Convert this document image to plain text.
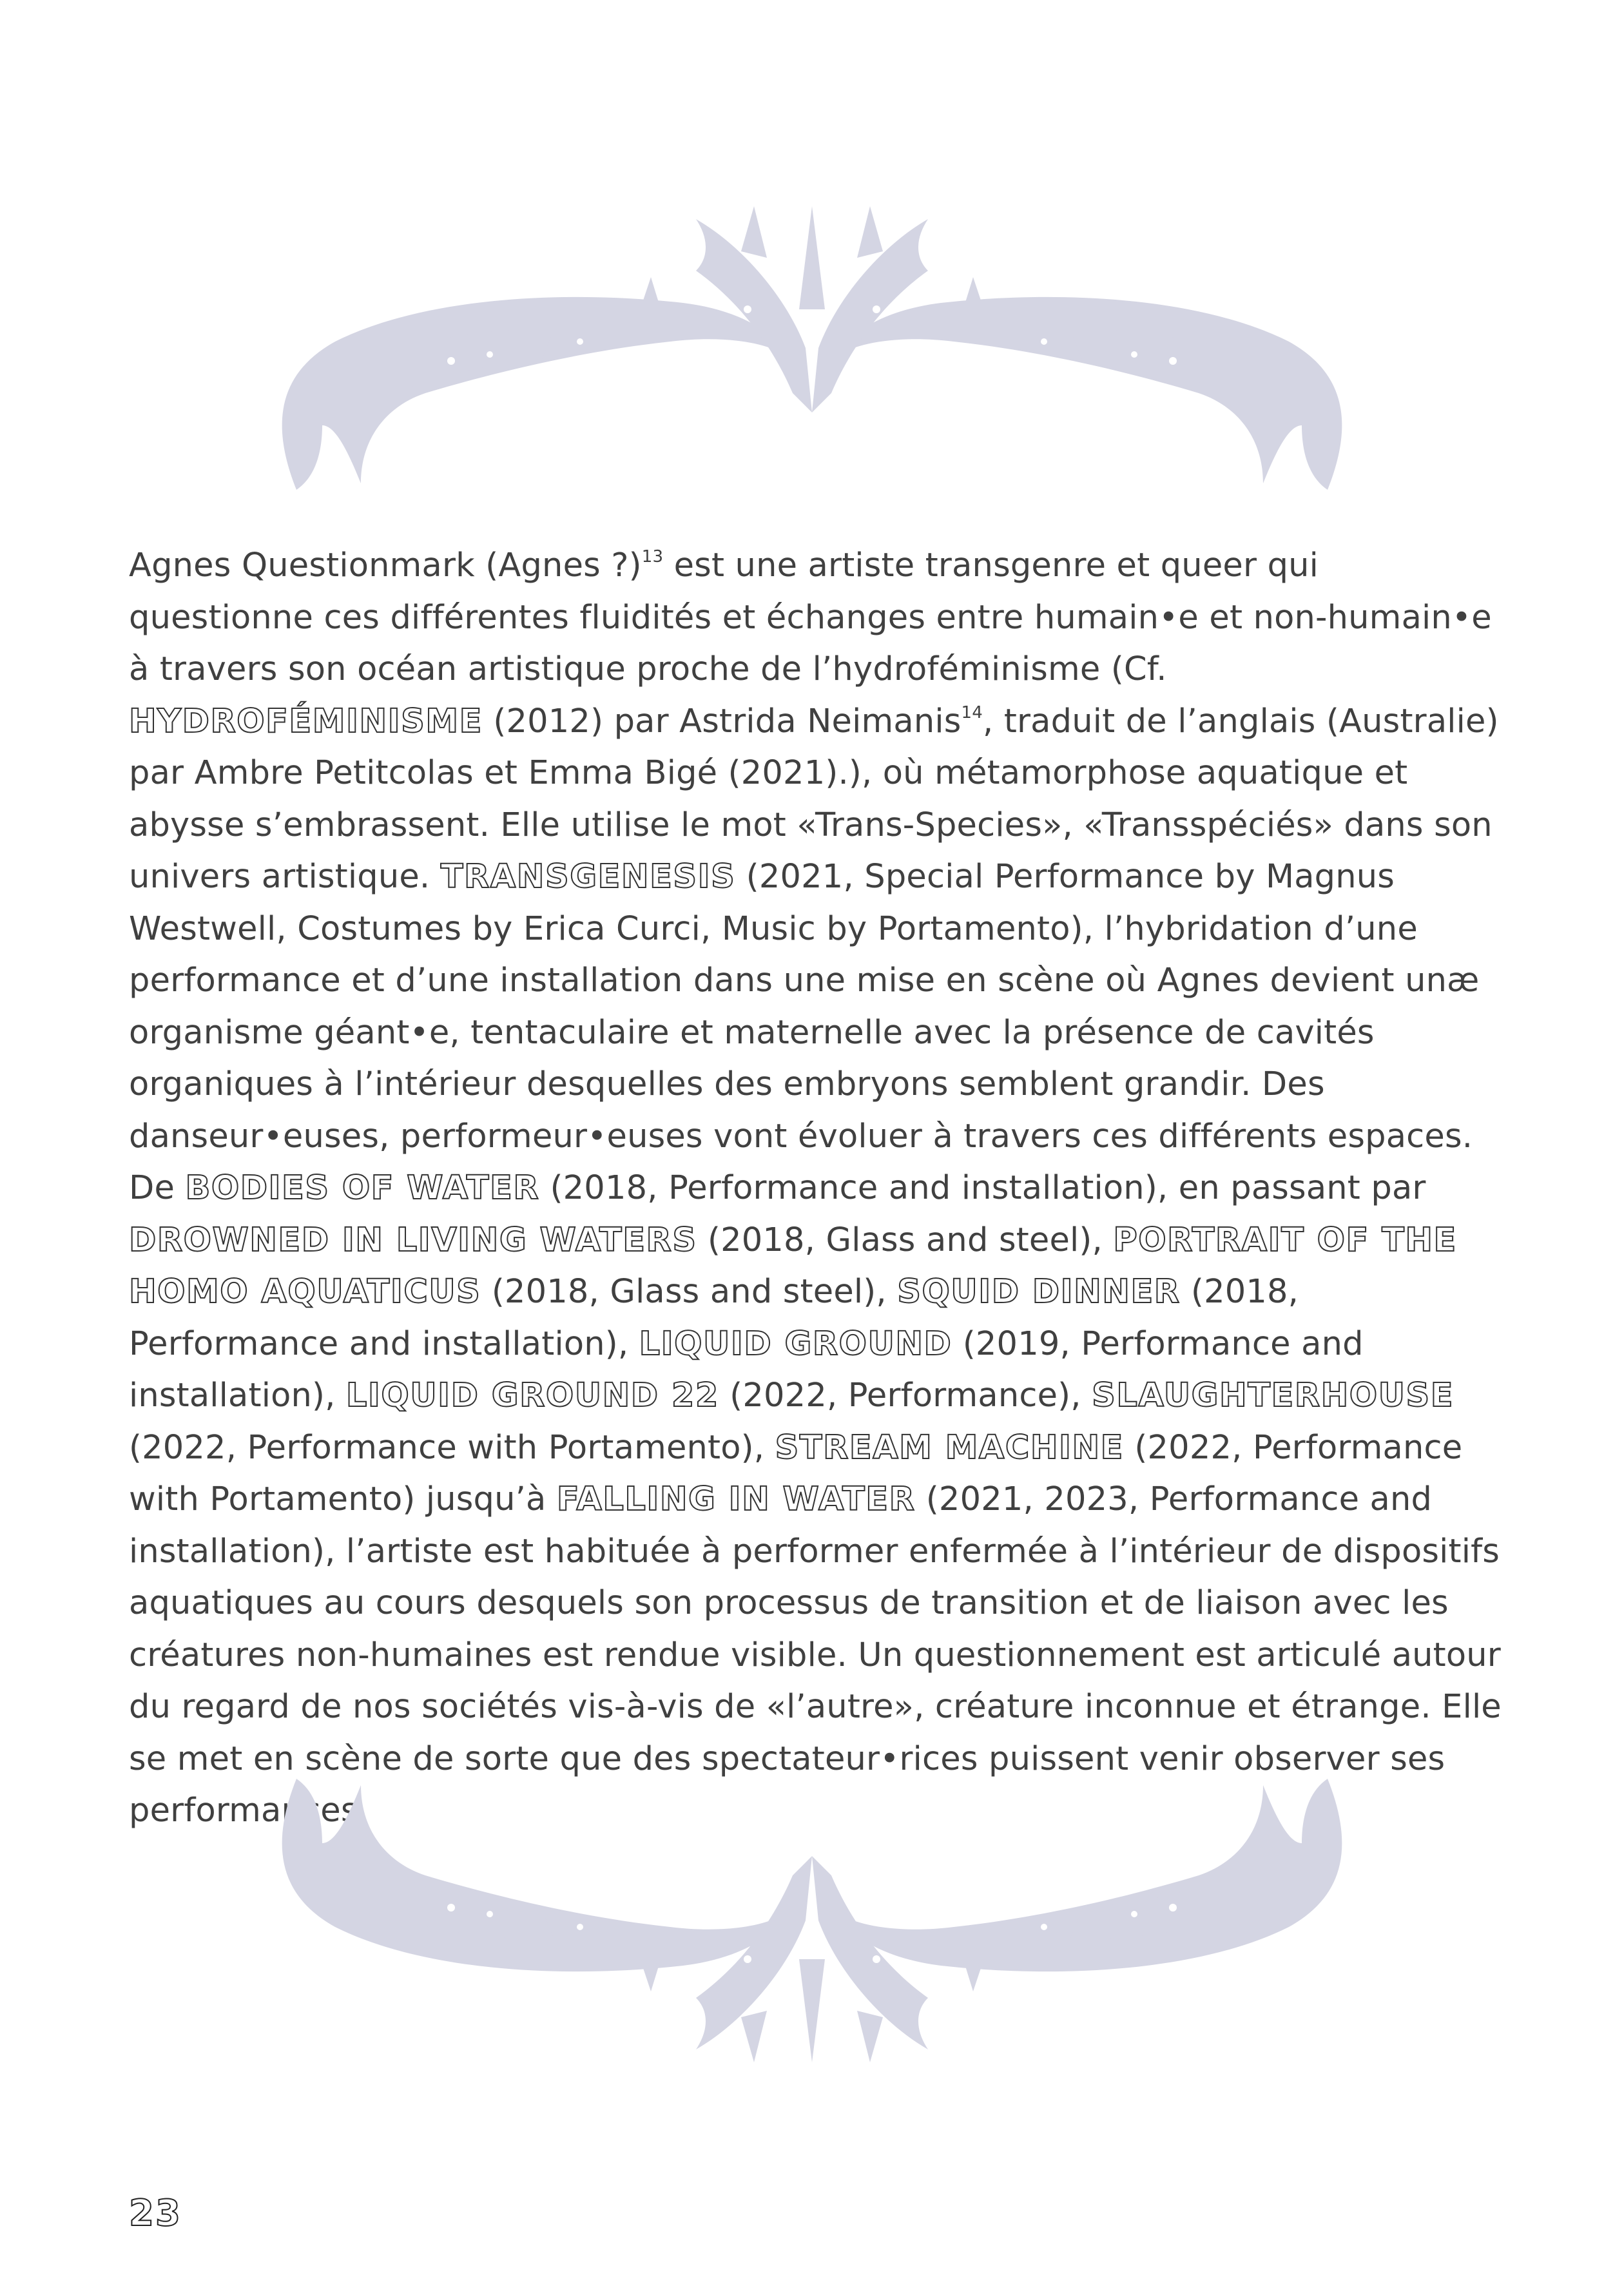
Agnes Questionmark (Agnes ?)$^{13}$ est une artiste transgenre et queer qui questionne ces différentes fluidités et échanges entre humain•e et non-humain•e à travers son océan artistique proche de l’hydroféminisme (Cf. HYDROFÉMINISME (2012) par Astrida Neimanis$^{14}$, traduit de l’anglais (Australie) par Ambre Petitcolas et Emma Bigé (2021).), où métamorphose aquatique et abysse s’embrassent. Elle utilise le mot «Trans-Species», «Transspéciés» dans son univers artistique. TRANSGENESIS (2021, Special Performance by Magnus Westwell, Costumes by Erica Curci, Music by Portamento), l’hybridation d’une performance et d’une installation dans une mise en scène où Agnes devient unæ organisme géant•e, tentaculaire et maternelle avec la présence de cavités organiques à l’intérieur desquelles des embryons semblent grandir. Des danseur•euses, performeur•euses vont évoluer à travers ces différents espaces. De BODIES OF WATER (2018, Performance and installation), en passant par DROWNED IN LIVING WATERS (2018, Glass and steel), PORTRAIT OF THE HOMO AQUATICUS (2018, Glass and steel), SQUID DINNER (2018, Performance and installation), LIQUID GROUND (2019, Performance and installation), LIQUID GROUND 22 (2022, Performance), SLAUGHTERHOUSE (2022, Performance with Portamento), STREAM MACHINE (2022, Performance with Portamento) jusqu’à FALLING IN WATER (2021, 2023, Performance and installation), l’artiste est habituée à performer enfermée à l’intérieur de dispositifs aquatiques au cours desquels son processus de transition et de liaison avec les créatures non-humaines est rendue visible. Un questionnement est articulé autour du regard de nos sociétés vis-à-vis de «l’autre», créature inconnue et étrange. Elle se met en scène de sorte que des spectateur•rices puissent venir observer ses performances.

23
